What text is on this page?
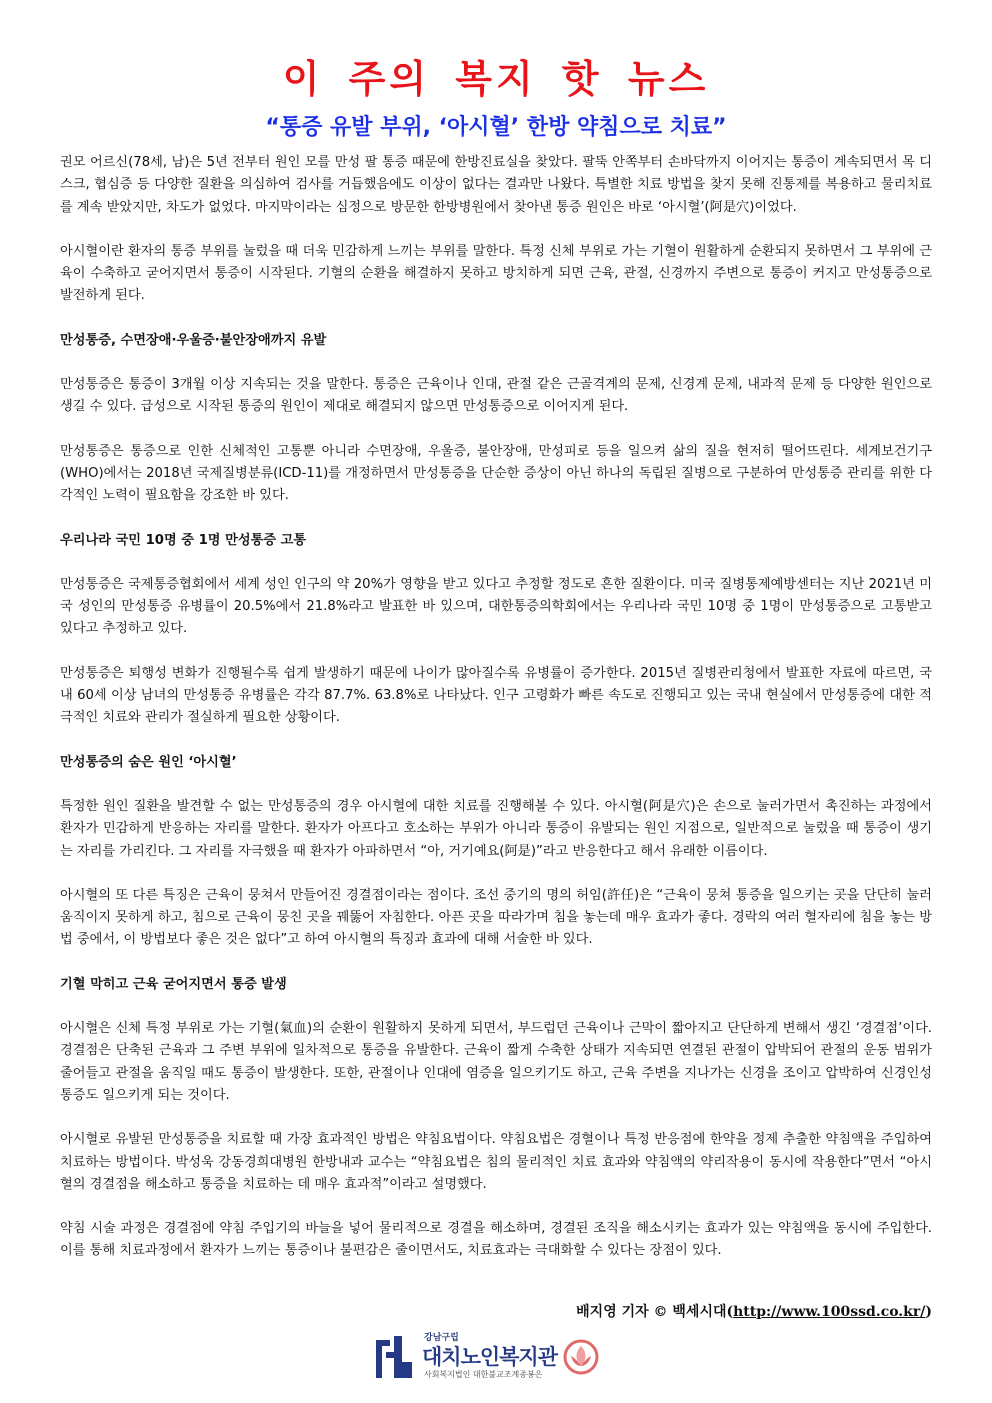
이 주의 복지 핫 뉴스
“통증 유발 부위, ‘아시혈’ 한방 약침으로 치료”

권모 어르신(78세, 남)은 5년 전부터 원인 모를 만성 팔 통증 때문에 한방진료실을 찾았다. 팔뚝 안쪽부터 손바닥까지 이어지는 통증이 계속되면서 목 디스크, 협심증 등 다양한 질환을 의심하여 검사를 거듭했음에도 이상이 없다는 결과만 나왔다. 특별한 치료 방법을 찾지 못해 진통제를 복용하고 물리치료를 계속 받았지만, 차도가 없었다. 마지막이라는 심정으로 방문한 한방병원에서 찾아낸 통증 원인은 바로 ‘아시혈’(阿是穴)이었다.

아시혈이란 환자의 통증 부위를 눌렀을 때 더욱 민감하게 느끼는 부위를 말한다. 특정 신체 부위로 가는 기혈이 원활하게 순환되지 못하면서 그 부위에 근육이 수축하고 굳어지면서 통증이 시작된다. 기혈의 순환을 해결하지 못하고 방치하게 되면 근육, 관절, 신경까지 주변으로 통증이 커지고 만성통증으로 발전하게 된다.

만성통증, 수면장애·우울증·불안장애까지 유발

만성통증은 통증이 3개월 이상 지속되는 것을 말한다. 통증은 근육이나 인대, 관절 같은 근골격계의 문제, 신경계 문제, 내과적 문제 등 다양한 원인으로 생길 수 있다. 급성으로 시작된 통증의 원인이 제대로 해결되지 않으면 만성통증으로 이어지게 된다.

만성통증은 통증으로 인한 신체적인 고통뿐 아니라 수면장애, 우울증, 불안장애, 만성피로 등을 일으켜 삶의 질을 현저히 떨어뜨린다. 세계보건기구(WHO)에서는 2018년 국제질병분류(ICD-11)를 개정하면서 만성통증을 단순한 증상이 아닌 하나의 독립된 질병으로 구분하여 만성통증 관리를 위한 다각적인 노력이 필요함을 강조한 바 있다.

우리나라 국민 10명 중 1명 만성통증 고통

만성통증은 국제통증협회에서 세계 성인 인구의 약 20%가 영향을 받고 있다고 추정할 정도로 흔한 질환이다. 미국 질병통제예방센터는 지난 2021년 미국 성인의 만성통증 유병률이 20.5%에서 21.8%라고 발표한 바 있으며, 대한통증의학회에서는 우리나라 국민 10명 중 1명이 만성통증으로 고통받고 있다고 추정하고 있다.

만성통증은 퇴행성 변화가 진행될수록 쉽게 발생하기 때문에 나이가 많아질수록 유병률이 증가한다. 2015년 질병관리청에서 발표한 자료에 따르면, 국내 60세 이상 남녀의 만성통증 유병률은 각각 87.7%. 63.8%로 나타났다. 인구 고령화가 빠른 속도로 진행되고 있는 국내 현실에서 만성통증에 대한 적극적인 치료와 관리가 절실하게 필요한 상황이다.

만성통증의 숨은 원인 ‘아시혈’

특정한 원인 질환을 발견할 수 없는 만성통증의 경우 아시혈에 대한 치료를 진행해볼 수 있다. 아시혈(阿是穴)은 손으로 눌러가면서 촉진하는 과정에서 환자가 민감하게 반응하는 자리를 말한다. 환자가 아프다고 호소하는 부위가 아니라 통증이 유발되는 원인 지점으로, 일반적으로 눌렀을 때 통증이 생기는 자리를 가리킨다. 그 자리를 자극했을 때 환자가 아파하면서 “아, 거기예요(阿是)”라고 반응한다고 해서 유래한 이름이다.

아시혈의 또 다른 특징은 근육이 뭉쳐서 만들어진 경결점이라는 점이다. 조선 중기의 명의 허임(許任)은 “근육이 뭉쳐 통증을 일으키는 곳을 단단히 눌러 움직이지 못하게 하고, 침으로 근육이 뭉친 곳을 꿰뚫어 자침한다. 아픈 곳을 따라가며 침을 놓는데 매우 효과가 좋다. 경락의 여러 혈자리에 침을 놓는 방법 중에서, 이 방법보다 좋은 것은 없다”고 하여 아시혈의 특징과 효과에 대해 서술한 바 있다.

기혈 막히고 근육 굳어지면서 통증 발생

아시혈은 신체 특정 부위로 가는 기혈(氣血)의 순환이 원활하지 못하게 되면서, 부드럽던 근육이나 근막이 짧아지고 단단하게 변해서 생긴 ‘경결점’이다. 경결점은 단축된 근육과 그 주변 부위에 일차적으로 통증을 유발한다. 근육이 짧게 수축한 상태가 지속되면 연결된 관절이 압박되어 관절의 운동 범위가 줄어들고 관절을 움직일 때도 통증이 발생한다. 또한, 관절이나 인대에 염증을 일으키기도 하고, 근육 주변을 지나가는 신경을 조이고 압박하여 신경인성 통증도 일으키게 되는 것이다.

아시혈로 유발된 만성통증을 치료할 때 가장 효과적인 방법은 약침요법이다. 약침요법은 경혈이나 특정 반응점에 한약을 정제 추출한 약침액을 주입하여 치료하는 방법이다. 박성욱 강동경희대병원 한방내과 교수는 “약침요법은 침의 물리적인 치료 효과와 약침액의 약리작용이 동시에 작용한다”면서 “아시혈의 경결점을 해소하고 통증을 치료하는 데 매우 효과적”이라고 설명했다.

약침 시술 과정은 경결점에 약침 주입기의 바늘을 넣어 물리적으로 경결을 해소하며, 경결된 조직을 해소시키는 효과가 있는 약침액을 동시에 주입한다. 이를 통해 치료과정에서 환자가 느끼는 통증이나 불편감은 줄이면서도, 치료효과는 극대화할 수 있다는 장점이 있다.

배지영 기자 © 백세시대(http://www.100ssd.co.kr/)
강남구립
대치노인복지관
사회복지법인 대한불교조계종봉은
